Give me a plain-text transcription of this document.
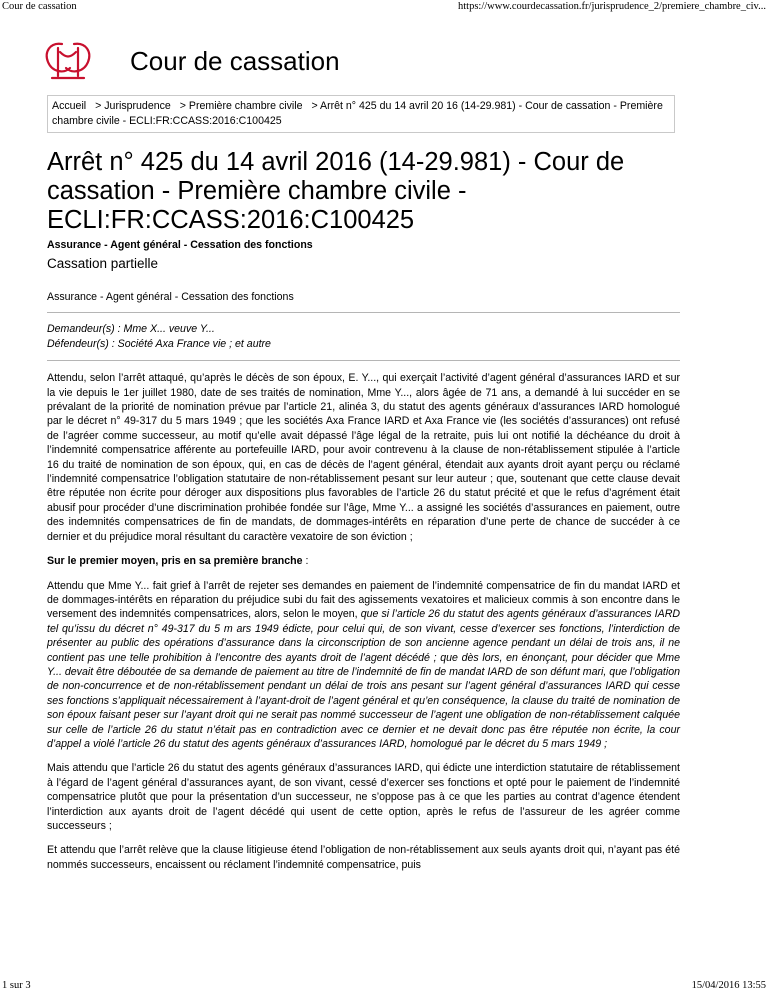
Cour de cassation	https://www.courdecassation.fr/jurisprudence_2/premiere_chambre_civ...
Cour de cassation
Accueil > Jurisprudence > Première chambre civile > Arrêt n° 425 du 14 avril 20 16 (14-29.981) - Cour de cassation - Première chambre civile - ECLI:FR:CCASS:2016:C100425
Arrêt n° 425 du 14 avril 2016 (14-29.981) - Cour de cassation - Première chambre civile - ECLI:FR:CCASS:2016:C100425
Assurance - Agent général - Cessation des fonctions
Cassation partielle
Assurance - Agent général - Cessation des fonctions
Demandeur(s) : Mme X... veuve Y...
Défendeur(s) : Société Axa France vie ; et autre

Attendu, selon l’arrêt attaqué, qu’après le décès de son époux, E. Y..., qui exerçait l’activité d’agent général d’assurances IARD et sur la vie depuis le 1er juillet 1980, date de ses traités de nomination, Mme Y..., alors âgée de 71 ans, a demandé à lui succéder en se prévalant de la priorité de nomination prévue par l’article 21, alinéa 3, du statut des agents généraux d’assurances IARD homologué par le décret n° 49-317 du 5 mars 1949 ; que les sociétés Axa France IARD et Axa France vie (les sociétés d’assurances) ont refusé de l’agréer comme successeur, au motif qu’elle avait dépassé l’âge légal de la retraite, puis lui ont notifié la déchéance du droit à l’indemnité compensatrice afférente au portefeuille IARD, pour avoir contrevenu à la clause de non-rétablissement stipulée à l’article 16 du traité de nomination de son époux, qui, en cas de décès de l’agent général, étendait aux ayants droit ayant perçu ou réclamé l’indemnité compensatrice l’obligation statutaire de non-rétablissement pesant sur leur auteur ; que, soutenant que cette clause devait être réputée non écrite pour déroger aux dispositions plus favorables de l’article 26 du statut précité et que le refus d’agrément était abusif pour procéder d’une discrimination prohibée fondée sur l’âge, Mme Y... a assigné les sociétés d’assurances en paiement, outre des indemnités compensatrices de fin de mandats, de dommages-intérêts en réparation d’une perte de chance de succéder à ce dernier et du préjudice moral résultant du caractère vexatoire de son éviction ;

Sur le premier moyen, pris en sa première branche :

Attendu que Mme Y... fait grief à l’arrêt de rejeter ses demandes en paiement de l’indemnité compensatrice de fin du mandat IARD et de dommages-intérêts en réparation du préjudice subi du fait des agissements vexatoires et malicieux commis à son encontre dans le versement des indemnités compensatrices, alors, selon le moyen, que si l’article 26 du statut des agents généraux d’assurances IARD tel qu’issu du décret n° 49-317 du 5 m ars 1949 édicte, pour celui qui, de son vivant, cesse d’exercer ses fonctions, l’interdiction de présenter au public des opérations d’assurance dans la circonscription de son ancienne agence pendant un délai de trois ans, il ne contient pas une telle prohibition à l’encontre des ayants droit de l’agent décédé ; que dès lors, en énonçant, pour décider que Mme Y... devait être déboutée de sa demande de paiement au titre de l’indemnité de fin de mandat IARD de son défunt mari, que l’obligation de non-concurrence et de non-rétablissement pendant un délai de trois ans pesant sur l’agent général d’assurances IARD qui cesse ses fonctions s’appliquait nécessairement à l’ayant-droit de l’agent général et qu’en conséquence, la clause du traité de nomination de son époux faisant peser sur l’ayant droit qui ne serait pas nommé successeur de l’agent une obligation de non-rétablissement calquée sur celle de l’article 26 du statut n’était pas en contradiction avec ce dernier et ne devait donc pas être réputée non écrite, la cour d’appel a violé l’article 26 du statut des agents généraux d’assurances IARD, homologué par le décret du 5 mars 1949 ;

Mais attendu que l’article 26 du statut des agents généraux d’assurances IARD, qui édicte une interdiction statutaire de rétablissement à l’égard de l’agent général d’assurances ayant, de son vivant, cessé d’exercer ses fonctions et opté pour le paiement de l’indemnité compensatrice plutôt que pour la présentation d’un successeur, ne s’oppose pas à ce que les parties au contrat d’agence étendent l’interdiction aux ayants droit de l’agent décédé qui usent de cette option, après le refus de l’assureur de les agréer comme successeurs ;

Et attendu que l’arrêt relève que la clause litigieuse étend l’obligation de non-rétablissement aux seuls ayants droit qui, n’ayant pas été nommés successeurs, encaissent ou réclament l’indemnité compensatrice, puis

1 sur 3	15/04/2016 13:55
